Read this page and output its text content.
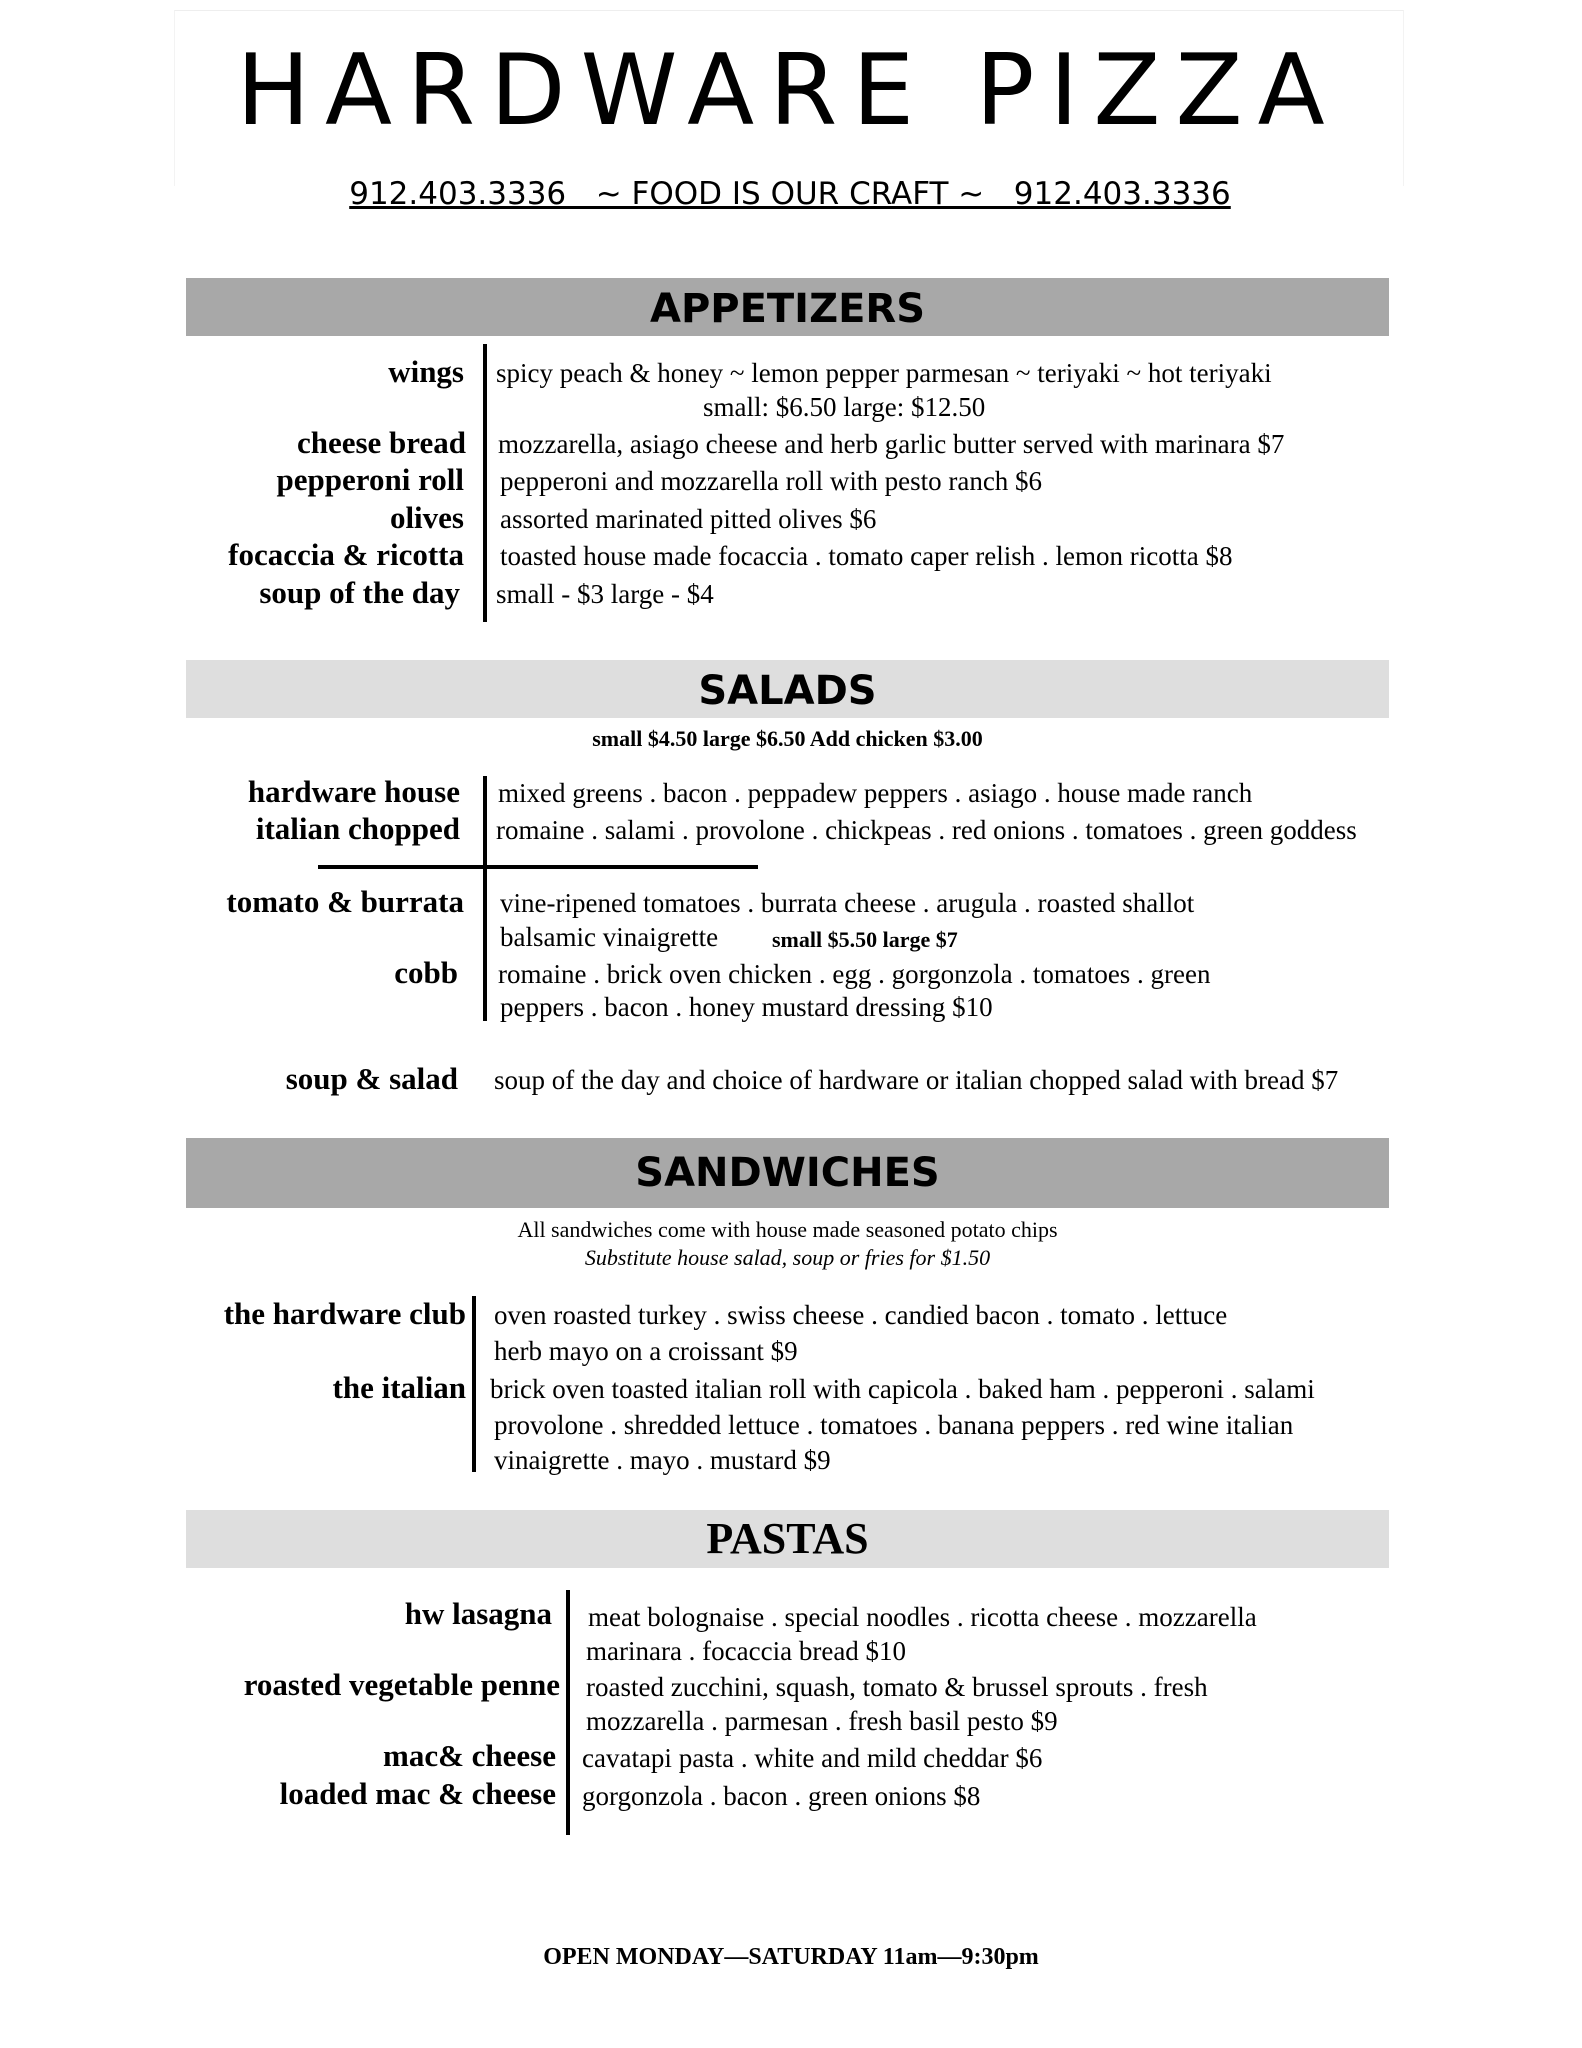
HARDWARE PIZZA
912.403.3336   ~ FOOD IS OUR CRAFT ~   912.403.3336
APPETIZERS
wings spicy peach & honey ~ lemon pepper parmesan ~ teriyaki ~ hot teriyaki
small: $6.50 large: $12.50
cheese bread mozzarella, asiago cheese and herb garlic butter served with marinara $7
pepperoni roll pepperoni and mozzarella roll with pesto ranch $6
olives assorted marinated pitted olives $6
focaccia & ricotta toasted house made focaccia . tomato caper relish . lemon ricotta $8
soup of the day small - $3 large - $4
SALADS
small $4.50 large $6.50 Add chicken $3.00
hardware house mixed greens . bacon . peppadew peppers . asiago . house made ranch
italian chopped romaine . salami . provolone . chickpeas . red onions . tomatoes . green goddess
tomato & burrata vine-ripened tomatoes . burrata cheese . arugula . roasted shallot
balsamic vinaigrette small $5.50 large $7
cobb romaine . brick oven chicken . egg . gorgonzola . tomatoes . green
peppers . bacon . honey mustard dressing $10
soup & salad soup of the day and choice of hardware or italian chopped salad with bread $7
SANDWICHES
All sandwiches come with house made seasoned potato chips
Substitute house salad, soup or fries for $1.50
the hardware club oven roasted turkey . swiss cheese . candied bacon . tomato . lettuce
herb mayo on a croissant $9
the italian brick oven toasted italian roll with capicola . baked ham . pepperoni . salami
provolone . shredded lettuce . tomatoes . banana peppers . red wine italian
vinaigrette . mayo . mustard $9
PASTAS
hw lasagna meat bolognaise . special noodles . ricotta cheese . mozzarella
marinara . focaccia bread $10
roasted vegetable penne roasted zucchini, squash, tomato & brussel sprouts . fresh
mozzarella . parmesan . fresh basil pesto $9
mac& cheese cavatapi pasta . white and mild cheddar $6
loaded mac & cheese gorgonzola . bacon . green onions $8
OPEN MONDAY—SATURDAY 11am—9:30pm
